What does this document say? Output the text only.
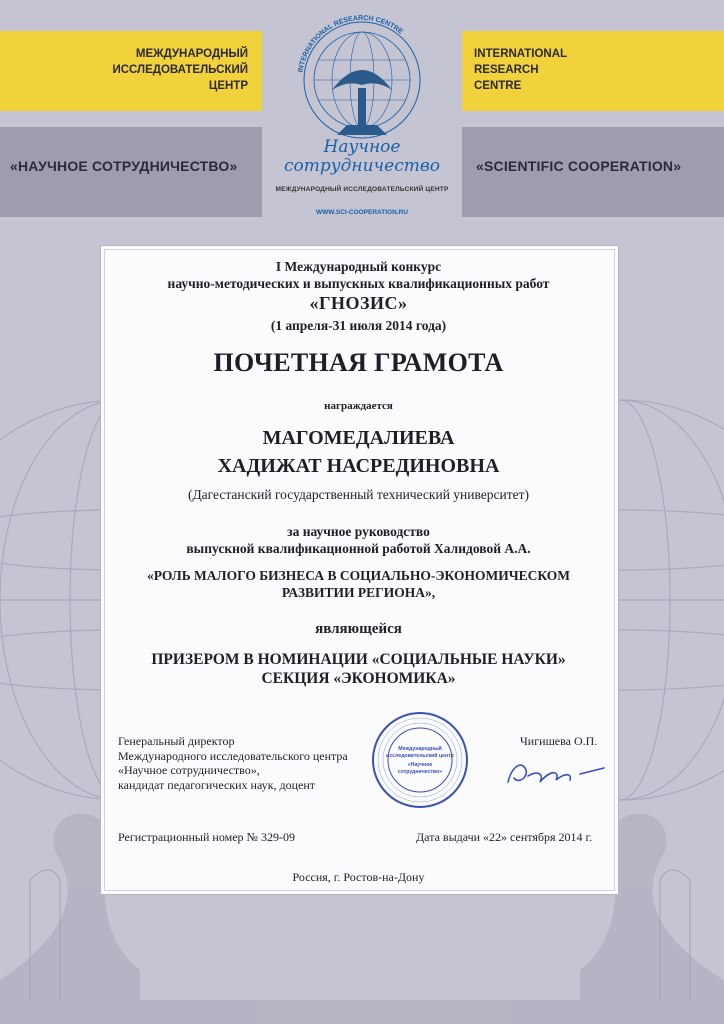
МЕЖДУНАРОДНЫЙ
ИССЛЕДОВАТЕЛЬСКИЙ
ЦЕНТР
INTERNATIONAL
RESEARCH
CENTRE
«НАУЧНОЕ СОТРУДНИЧЕСТВО»	«SCIENTIFIC COOPERATION»
INTERNATIONAL RESEARCH CENTRE
Научное
сотрудничество
МЕЖДУНАРОДНЫЙ ИССЛЕДОВАТЕЛЬСКИЙ ЦЕНТР
WWW.SCI-COOPERATION.RU
I Международный конкурс
научно-методических и выпускных квалификационных работ
«ГНОЗИС»
(1 апреля-31 июля 2014 года)
ПОЧЕТНАЯ ГРАМОТА
награждается
МАГОМЕДАЛИЕВА
ХАДИЖАТ НАСРЕДИНОВНА
(Дагестанский государственный технический университет)
за научное руководство
выпускной квалификационной работой Халидовой А.А.
«РОЛЬ МАЛОГО БИЗНЕСА В СОЦИАЛЬНО-ЭКОНОМИЧЕСКОМ
РАЗВИТИИ РЕГИОНА»,
являющейся
ПРИЗЕРОМ В НОМИНАЦИИ «СОЦИАЛЬНЫЕ НАУКИ»
СЕКЦИЯ «ЭКОНОМИКА»
Генеральный директор
Международного исследовательского центра
«Научное сотрудничество»,
кандидат педагогических наук, доцент
Чигишева О.П.
Международный
исследовательский центр
«Научное
сотрудничество»
Регистрационный номер № 329-09	Дата выдачи «22» сентября 2014 г.
Россия, г. Ростов-на-Дону
